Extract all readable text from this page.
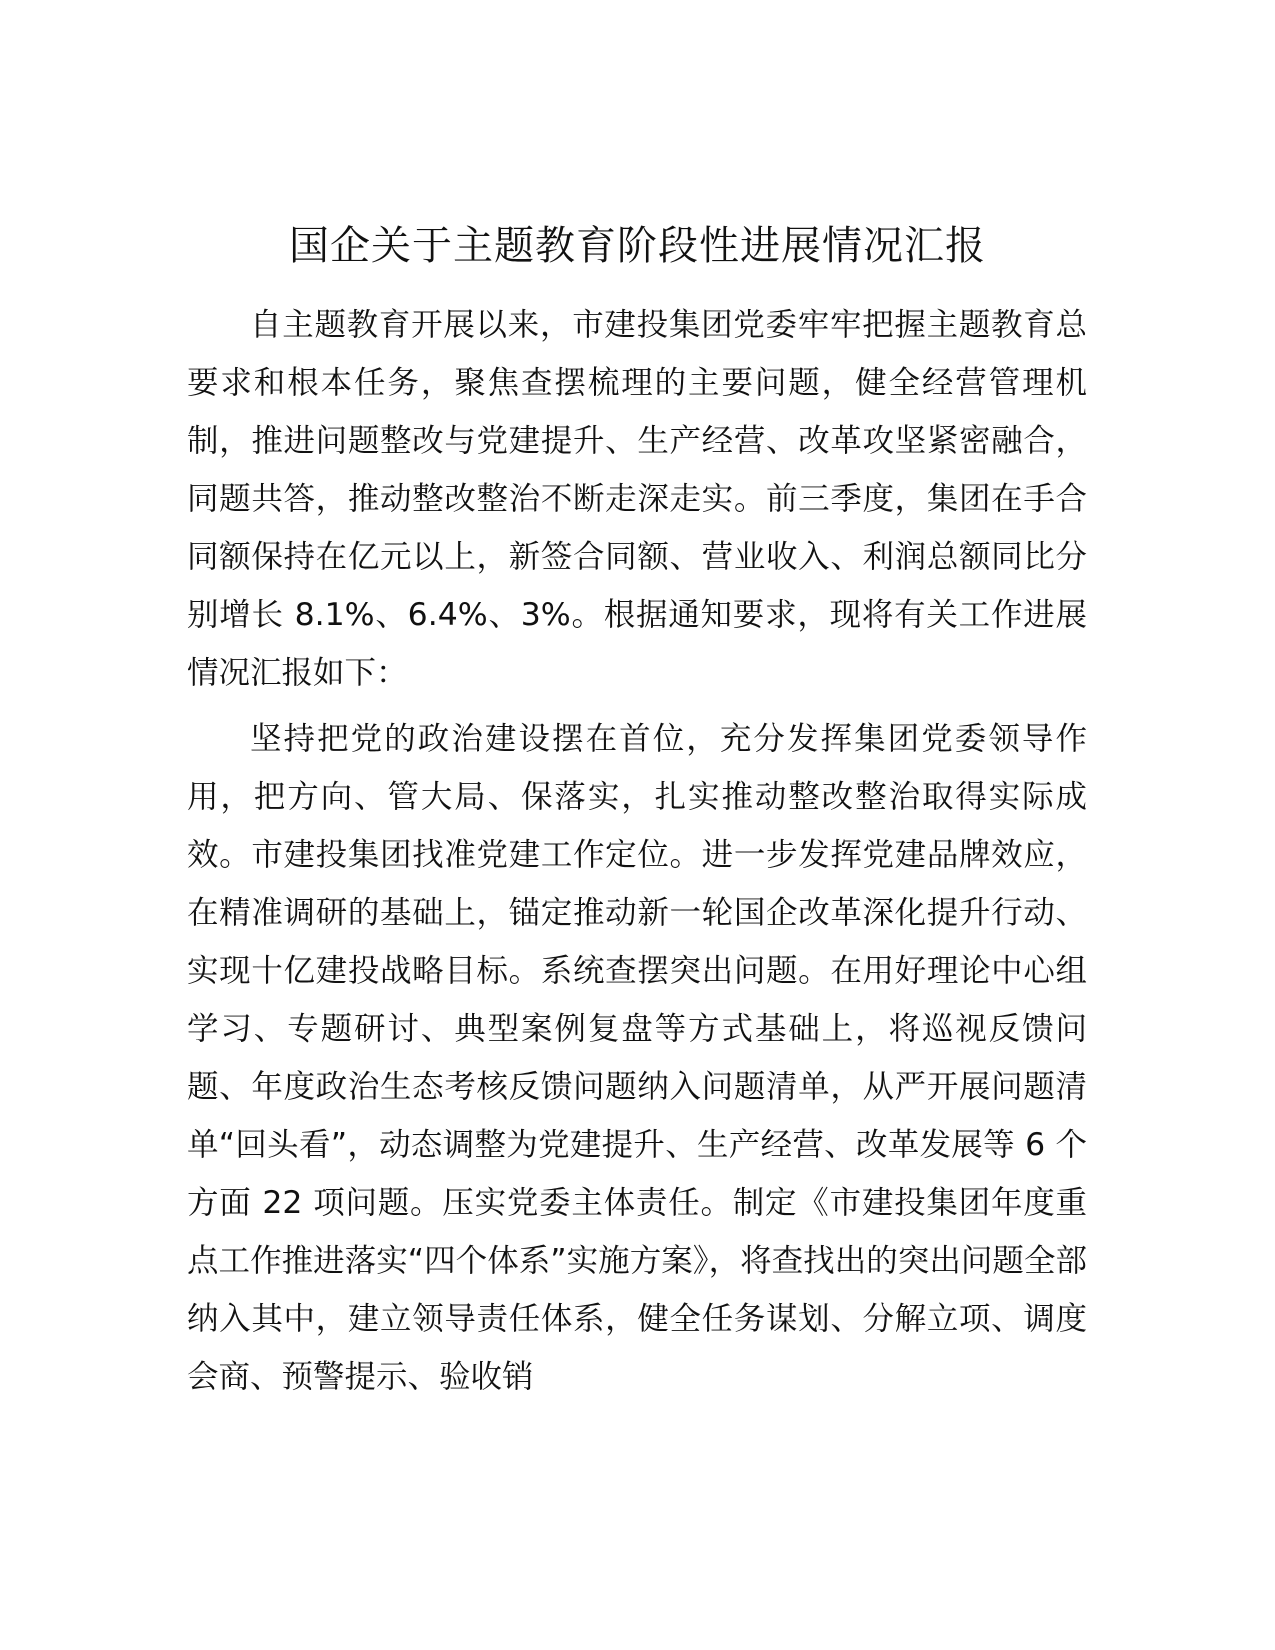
国企关于主题教育阶段性进展情况汇报

自主题教育开展以来，市建投集团党委牢牢把握主题教育总要求和根本任务，聚焦查摆梳理的主要问题，健全经营管理机制，推进问题整改与党建提升、生产经营、改革攻坚紧密融合，同题共答，推动整改整治不断走深走实。前三季度，集团在手合同额保持在亿元以上，新签合同额、营业收入、利润总额同比分别增长 8.1%、6.4%、3%。根据通知要求，现将有关工作进展情况汇报如下：

坚持把党的政治建设摆在首位，充分发挥集团党委领导作用，把方向、管大局、保落实，扎实推动整改整治取得实际成效。市建投集团找准党建工作定位。进一步发挥党建品牌效应，在精准调研的基础上，锚定推动新一轮国企改革深化提升行动、实现十亿建投战略目标。系统查摆突出问题。在用好理论中心组学习、专题研讨、典型案例复盘等方式基础上，将巡视反馈问题、年度政治生态考核反馈问题纳入问题清单，从严开展问题清单“回头看”，动态调整为党建提升、生产经营、改革发展等 6 个方面 22 项问题。压实党委主体责任。制定《市建投集团年度重点工作推进落实“四个体系”实施方案》，将查找出的突出问题全部纳入其中，建立领导责任体系，健全任务谋划、分解立项、调度会商、预警提示、验收销
